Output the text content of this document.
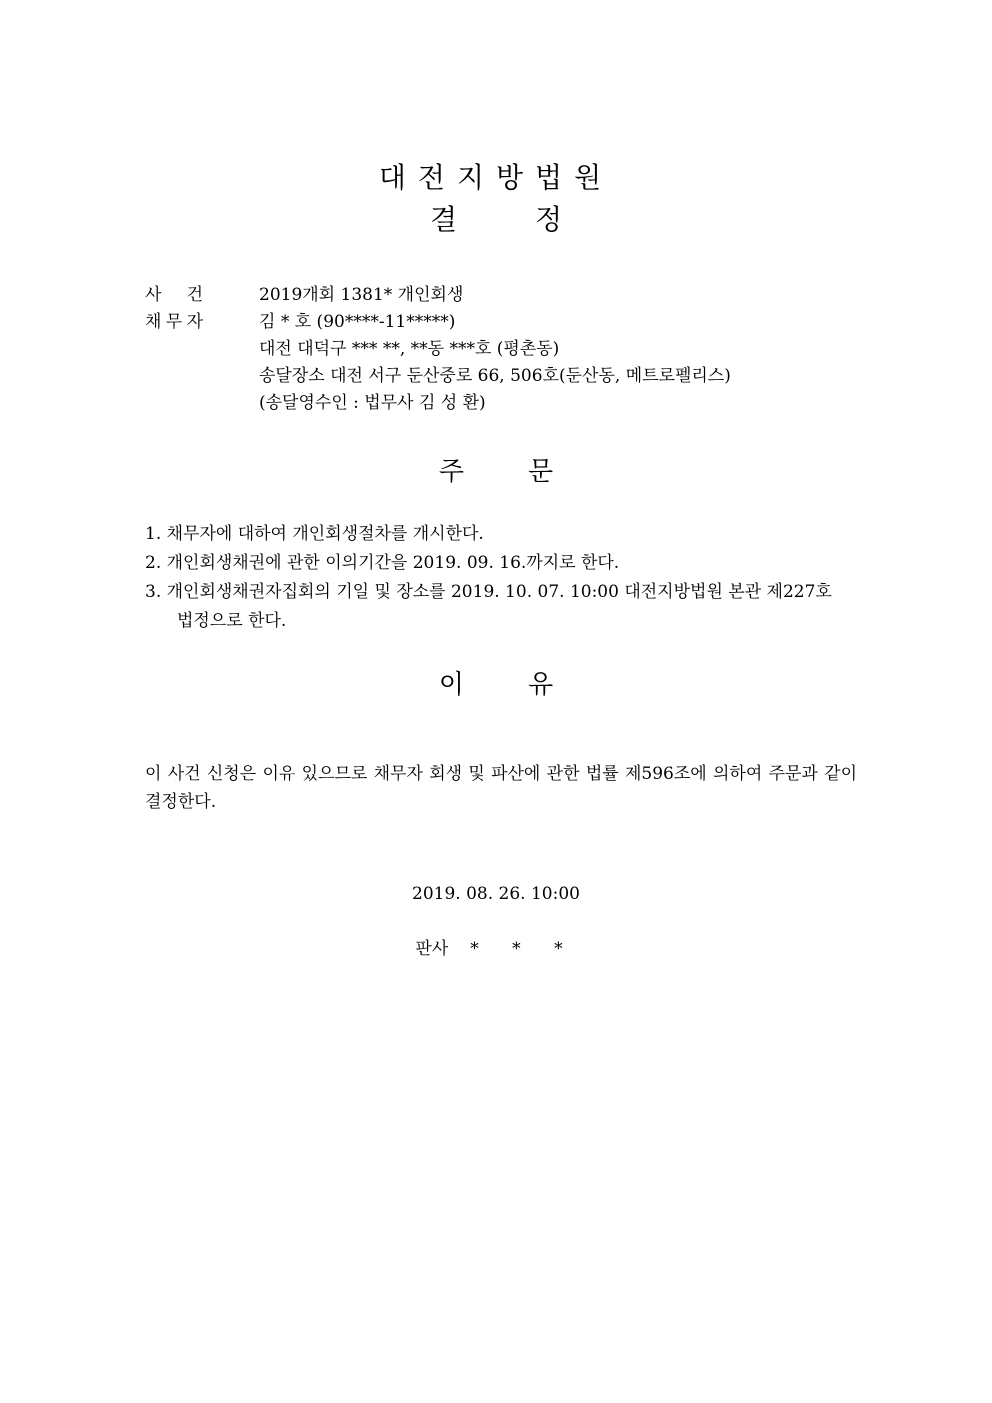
대전지방법원
결	정
사 건	2019개회 1381* 개인회생
채 무 자	김 * 호 (90****-11*****)
대전 대덕구 *** **, **동 ***호 (평촌동)
송달장소 대전 서구 둔산중로 66, 506호(둔산동, 메트로펠리스)
(송달영수인 : 법무사 김 성 환)
주 문
1. 채무자에 대하여 개인회생절차를 개시한다.
2. 개인회생채권에 관한 이의기간을 2019. 09. 16.까지로 한다.
3. 개인회생채권자집회의 기일 및 장소를 2019. 10. 07. 10:00 대전지방법원 본관 제227호
법정으로 한다.
이 유
이 사건 신청은 이유 있으므로 채무자 회생 및 파산에 관한 법률 제596조에 의하여 주문과 같이 결정한다.
2019. 08. 26. 10:00
판사 * * *
